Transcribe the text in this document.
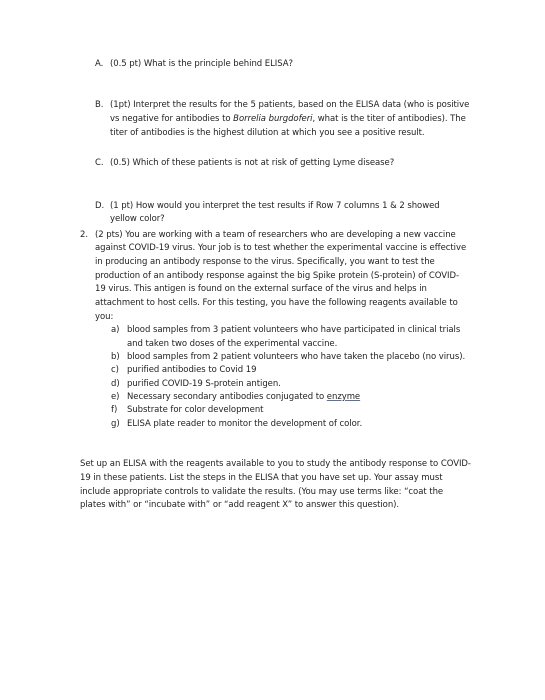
A. (0.5 pt) What is the principle behind ELISA?
B. (1pt) Interpret the results for the 5 patients, based on the ELISA data (who is positive
vs negative for antibodies to Borrelia burgdoferi, what is the titer of antibodies). The
titer of antibodies is the highest dilution at which you see a positive result.
C. (0.5) Which of these patients is not at risk of getting Lyme disease?
D. (1 pt) How would you interpret the test results if Row 7 columns 1 & 2 showed
yellow color?
2. (2 pts) You are working with a team of researchers who are developing a new vaccine
against COVID-19 virus. Your job is to test whether the experimental vaccine is effective
in producing an antibody response to the virus. Specifically, you want to test the
production of an antibody response against the big Spike protein (S-protein) of COVID-
19 virus. This antigen is found on the external surface of the virus and helps in
attachment to host cells. For this testing, you have the following reagents available to
you:
a) blood samples from 3 patient volunteers who have participated in clinical trials
and taken two doses of the experimental vaccine.
b) blood samples from 2 patient volunteers who have taken the placebo (no virus).
c) purified antibodies to Covid 19
d) purified COVID-19 S-protein antigen.
e) Necessary secondary antibodies conjugated to enzyme
f) Substrate for color development
g) ELISA plate reader to monitor the development of color.
Set up an ELISA with the reagents available to you to study the antibody response to COVID-
19 in these patients. List the steps in the ELISA that you have set up. Your assay must
include appropriate controls to validate the results. (You may use terms like: “coat the
plates with” or “incubate with” or “add reagent X” to answer this question).
